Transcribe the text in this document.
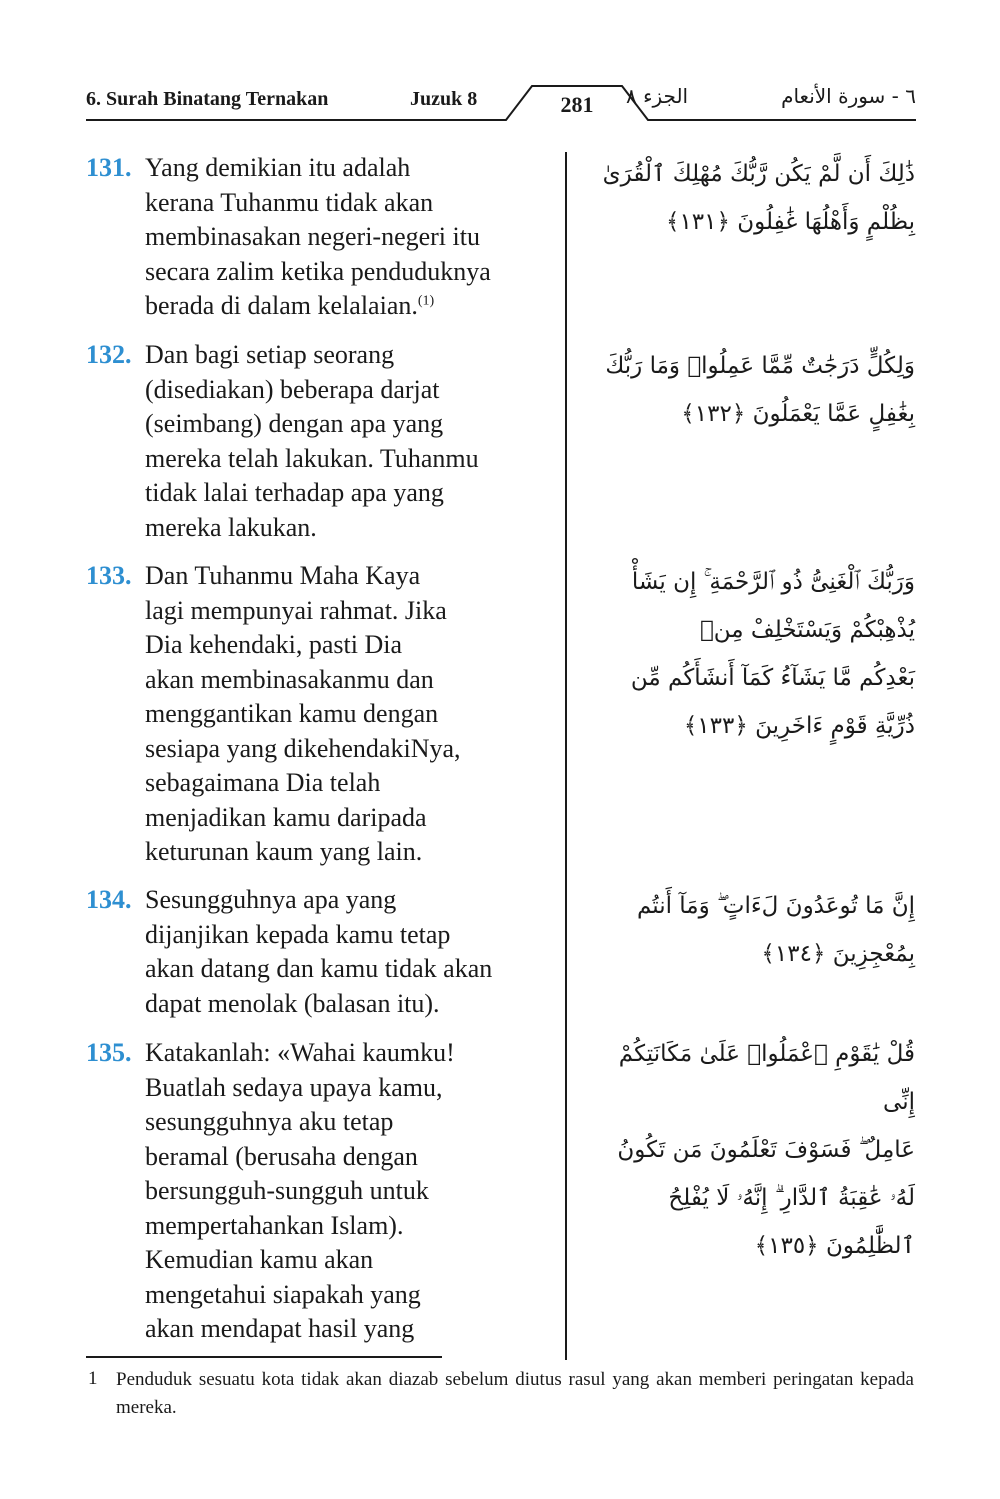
6. Surah Binatang Ternakan	Juzuk 8	281	الجزء ٨	٦ - سورة الأنعام
131. Yang demikian itu adalah
kerana Tuhanmu tidak akan
membinasakan negeri-negeri itu
secara zalim ketika penduduknya
berada di dalam kelalaian.$^{(1)}$
ذَٰلِكَ أَن لَّمْ يَكُن رَّبُّكَ مُهْلِكَ ٱلْقُرَىٰ
بِظُلْمٍ وَأَهْلُهَا غَٰفِلُونَ ﴿١٣١﴾
132. Dan bagi setiap seorang
(disediakan) beberapa darjat
(seimbang) dengan apa yang
mereka telah lakukan. Tuhanmu
tidak lalai terhadap apa yang
mereka lakukan.
وَلِكُلٍّ دَرَجَٰتٌ مِّمَّا عَمِلُوا۟ وَمَا رَبُّكَ
بِغَٰفِلٍ عَمَّا يَعْمَلُونَ ﴿١٣٢﴾
133. Dan Tuhanmu Maha Kaya
lagi mempunyai rahmat. Jika
Dia kehendaki, pasti Dia
akan membinasakanmu dan
menggantikan kamu dengan
sesiapa yang dikehendakiNya,
sebagaimana Dia telah
menjadikan kamu daripada
keturunan kaum yang lain.
وَرَبُّكَ ٱلْغَنِىُّ ذُو ٱلرَّحْمَةِ ۚ إِن يَشَأْ
يُذْهِبْكُمْ وَيَسْتَخْلِفْ مِنۢ
بَعْدِكُم مَّا يَشَآءُ كَمَآ أَنشَأَكُم مِّن
ذُرِّيَّةِ قَوْمٍ ءَاخَرِينَ ﴿١٣٣﴾
134. Sesungguhnya apa yang
dijanjikan kepada kamu tetap
akan datang dan kamu tidak akan
dapat menolak (balasan itu).
إِنَّ مَا تُوعَدُونَ لَءَاتٍ ۖ وَمَآ أَنتُم
بِمُعْجِزِينَ ﴿١٣٤﴾
135. Katakanlah: «Wahai kaumku!
Buatlah sedaya upaya kamu,
sesungguhnya aku tetap
beramal (berusaha dengan
bersungguh-sungguh untuk
mempertahankan Islam).
Kemudian kamu akan
mengetahui siapakah yang
akan mendapat hasil yang
قُلْ يَٰقَوْمِ ٱعْمَلُوا۟ عَلَىٰ مَكَانَتِكُمْ إِنِّى
عَامِلٌ ۖ فَسَوْفَ تَعْلَمُونَ مَن تَكُونُ
لَهُۥ عَٰقِبَةُ ٱلدَّارِ ۗ إِنَّهُۥ لَا يُفْلِحُ ٱلظَّٰلِمُونَ ﴿١٣٥﴾
1 Penduduk sesuatu kota tidak akan diazab sebelum diutus rasul yang akan memberi peringatan kepada mereka.
